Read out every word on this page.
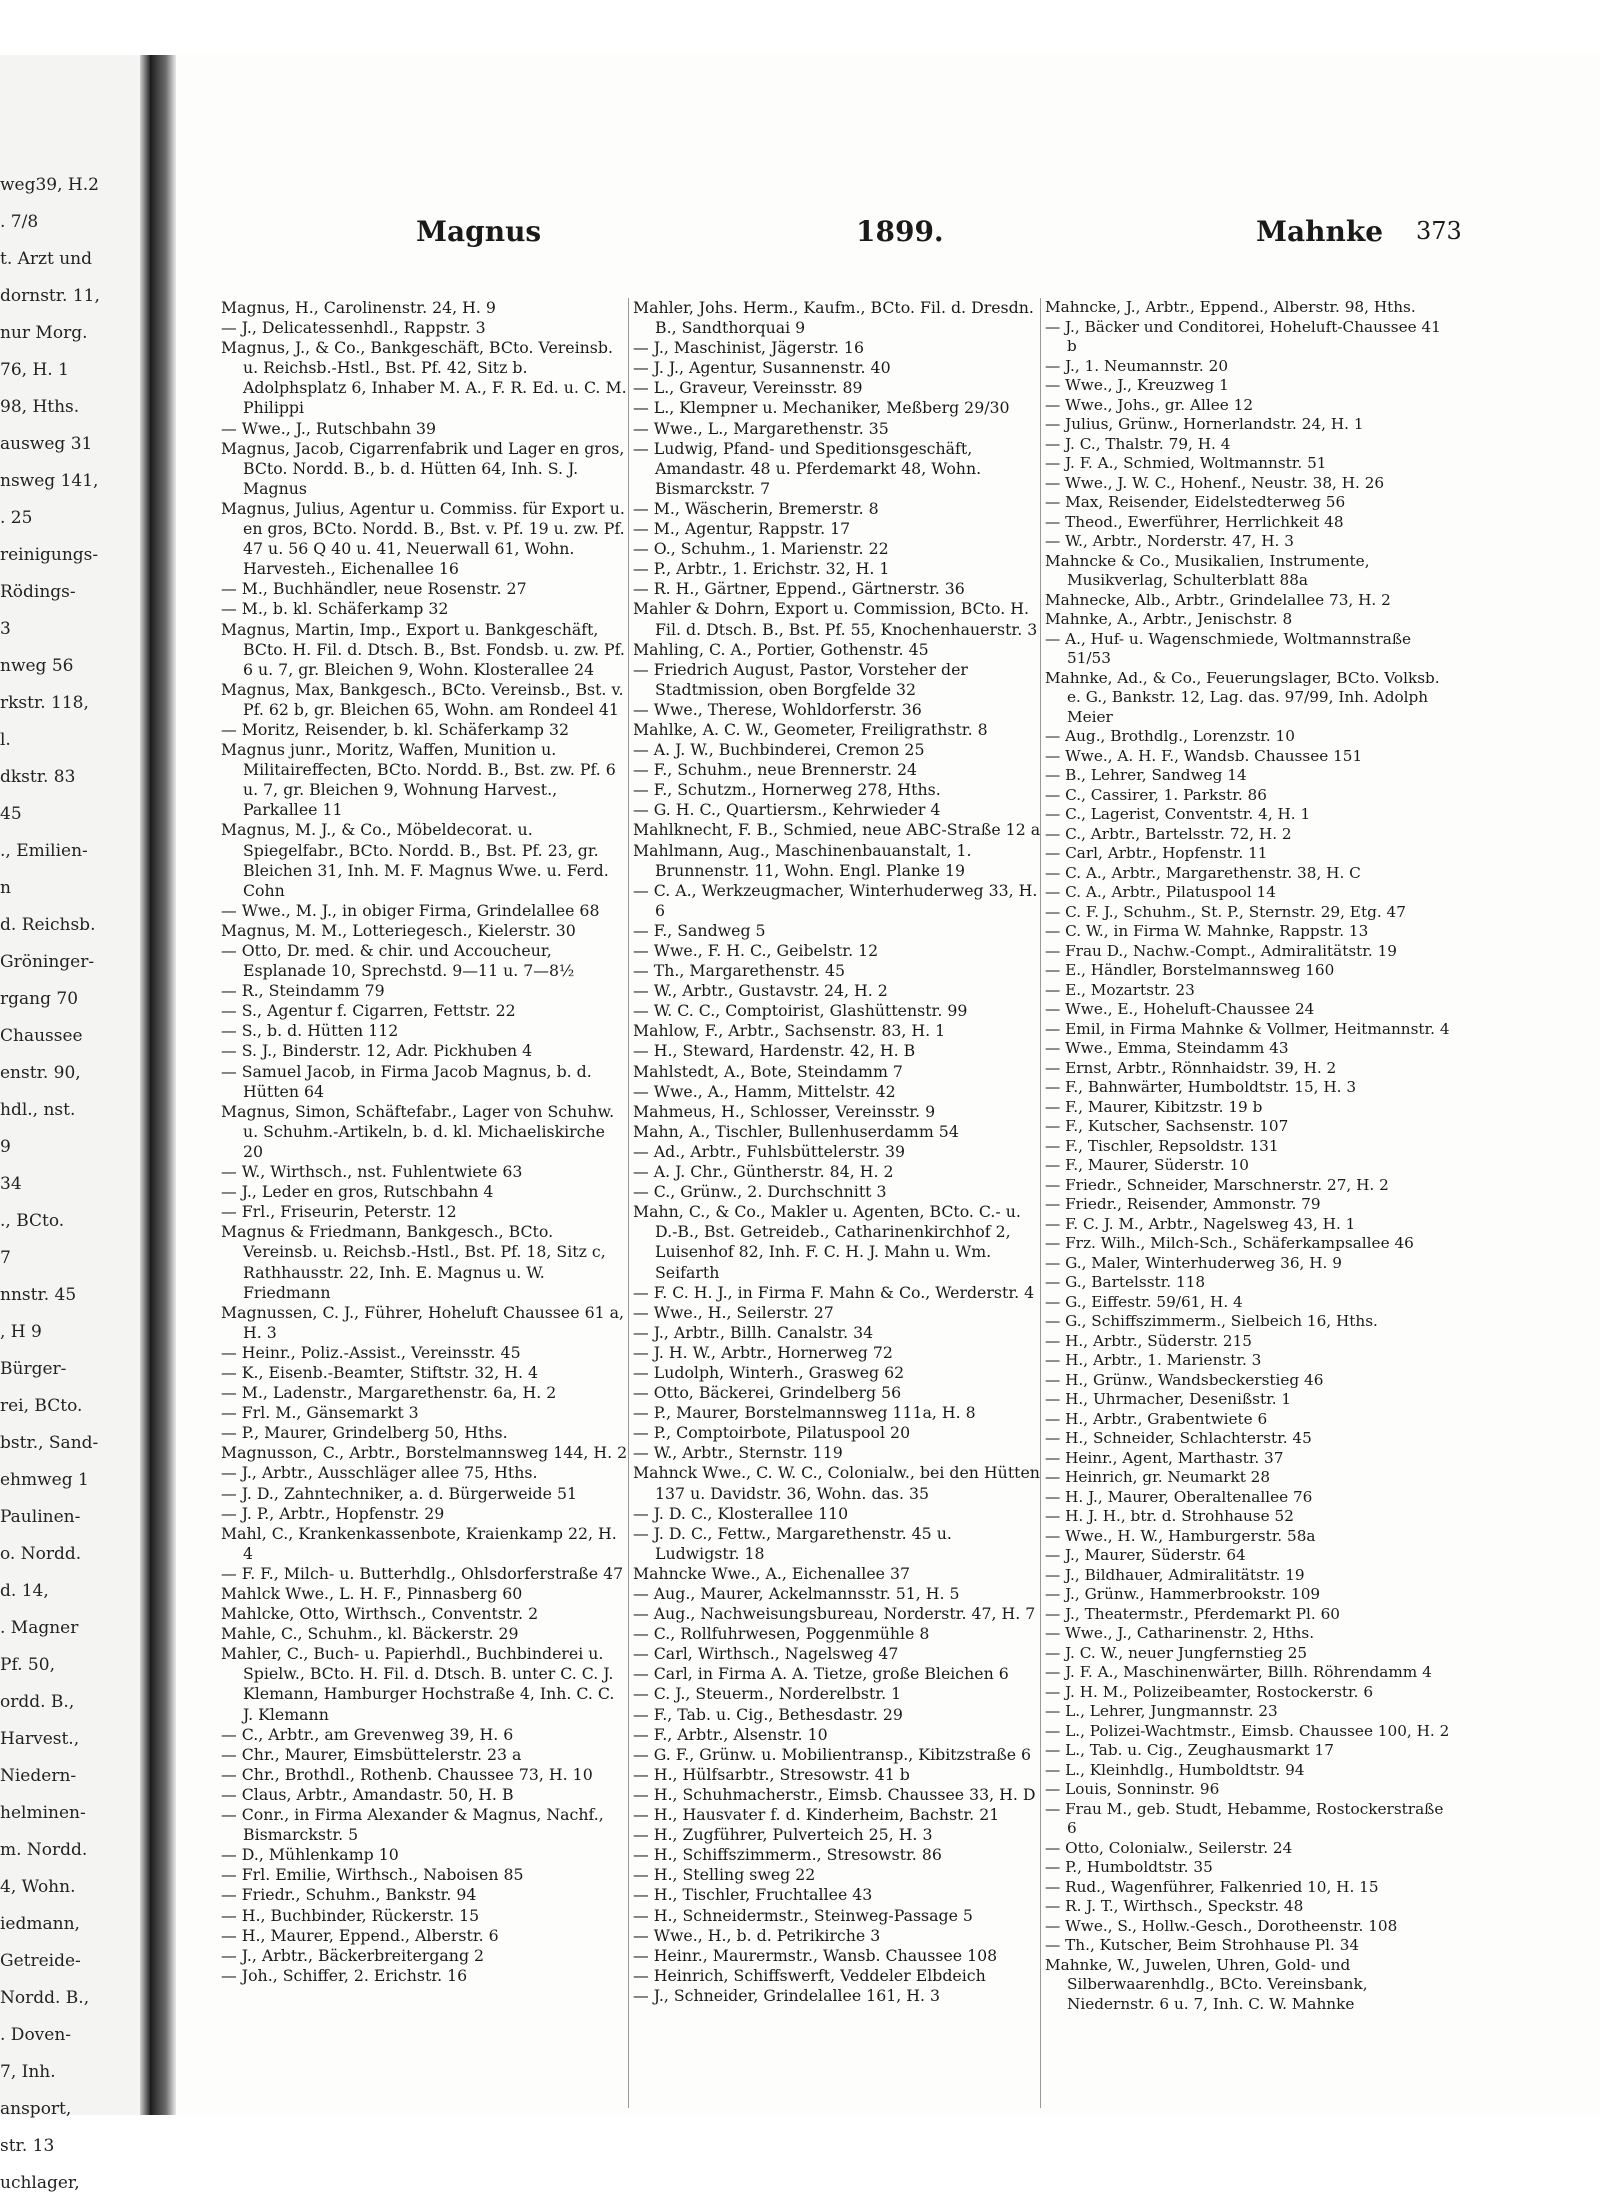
weg39, H.2
. 7/8
t. Arzt und
dornstr. 11,
nur Morg.
76, H. 1
98, Hths.
ausweg 31
nsweg 141,
. 25
reinigungs-
Rödings-
3
nweg 56
rkstr. 118,
l.
dkstr. 83
45
., Emilien-
n
d. Reichsb.
Gröninger-
rgang 70
Chaussee
enstr. 90,
hdl., nst.
9
34
., BCto.
7
nnstr. 45
, H 9
Bürger-
rei, BCto.
bstr., Sand-
ehmweg 1
Paulinen-
o. Nordd.
d. 14,
. Magner
Pf. 50,
ordd. B.,
Harvest.,
Niedern-
helminen-
m. Nordd.
4, Wohn.
iedmann,
Getreide-
Nordd. B.,
. Doven-
7, Inh.
ansport,
str. 13
uchlager,
Magnus	1899.	Mahnke 373

Magnus, H., Carolinenstr. 24, H. 9

— J., Delicatessenhdl., Rappstr. 3

Magnus, J., & Co., Bankgeschäft, BCto. Vereinsb. u. Reichsb.-Hstl., Bst. Pf. 42, Sitz b. Adolphsplatz 6, Inhaber M. A., F. R. Ed. u. C. M. Philippi

— Wwe., J., Rutschbahn 39

Magnus, Jacob, Cigarrenfabrik und Lager en gros, BCto. Nordd. B., b. d. Hütten 64, Inh. S. J. Magnus

Magnus, Julius, Agentur u. Commiss. für Export u. en gros, BCto. Nordd. B., Bst. v. Pf. 19 u. zw. Pf. 47 u. 56 Q 40 u. 41, Neuerwall 61, Wohn. Harvesteh., Eichenallee 16

— M., Buchhändler, neue Rosenstr. 27

— M., b. kl. Schäferkamp 32

Magnus, Martin, Imp., Export u. Bankgeschäft, BCto. H. Fil. d. Dtsch. B., Bst. Fondsb. u. zw. Pf. 6 u. 7, gr. Bleichen 9, Wohn. Klosterallee 24

Magnus, Max, Bankgesch., BCto. Vereinsb., Bst. v. Pf. 62 b, gr. Bleichen 65, Wohn. am Rondeel 41

— Moritz, Reisender, b. kl. Schäferkamp 32

Magnus junr., Moritz, Waffen, Munition u. Militaireffecten, BCto. Nordd. B., Bst. zw. Pf. 6 u. 7, gr. Bleichen 9, Wohnung Harvest., Parkallee 11

Magnus, M. J., & Co., Möbeldecorat. u. Spiegelfabr., BCto. Nordd. B., Bst. Pf. 23, gr. Bleichen 31, Inh. M. F. Magnus Wwe. u. Ferd. Cohn

— Wwe., M. J., in obiger Firma, Grindelallee 68

Magnus, M. M., Lotteriegesch., Kielerstr. 30

— Otto, Dr. med. & chir. und Accoucheur, Esplanade 10, Sprechstd. 9—11 u. 7—8½

— R., Steindamm 79

— S., Agentur f. Cigarren, Fettstr. 22

— S., b. d. Hütten 112

— S. J., Binderstr. 12, Adr. Pickhuben 4

— Samuel Jacob, in Firma Jacob Magnus, b. d. Hütten 64

Magnus, Simon, Schäftefabr., Lager von Schuhw. u. Schuhm.-Artikeln, b. d. kl. Michaeliskirche 20

— W., Wirthsch., nst. Fuhlentwiete 63

— J., Leder en gros, Rutschbahn 4

— Frl., Friseurin, Peterstr. 12

Magnus & Friedmann, Bankgesch., BCto. Vereinsb. u. Reichsb.-Hstl., Bst. Pf. 18, Sitz c, Rathhausstr. 22, Inh. E. Magnus u. W. Friedmann

Magnussen, C. J., Führer, Hoheluft Chaussee 61 a, H. 3

— Heinr., Poliz.-Assist., Vereinsstr. 45

— K., Eisenb.-Beamter, Stiftstr. 32, H. 4

— M., Ladenstr., Margarethenstr. 6a, H. 2

— Frl. M., Gänsemarkt 3

— P., Maurer, Grindelberg 50, Hths.

Magnusson, C., Arbtr., Borstelmannsweg 144, H. 2

— J., Arbtr., Ausschläger allee 75, Hths.

— J. D., Zahntechniker, a. d. Bürgerweide 51

— J. P., Arbtr., Hopfenstr. 29

Mahl, C., Krankenkassenbote, Kraienkamp 22, H. 4

— F. F., Milch- u. Butterhdlg., Ohlsdorferstraße 47

Mahlck Wwe., L. H. F., Pinnasberg 60

Mahlcke, Otto, Wirthsch., Conventstr. 2

Mahle, C., Schuhm., kl. Bäckerstr. 29

Mahler, C., Buch- u. Papierhdl., Buchbinderei u. Spielw., BCto. H. Fil. d. Dtsch. B. unter C. C. J. Klemann, Hamburger Hochstraße 4, Inh. C. C. J. Klemann

— C., Arbtr., am Grevenweg 39, H. 6

— Chr., Maurer, Eimsbüttelerstr. 23 a

— Chr., Brothdl., Rothenb. Chaussee 73, H. 10

— Claus, Arbtr., Amandastr. 50, H. B

— Conr., in Firma Alexander & Magnus, Nachf., Bismarckstr. 5

— D., Mühlenkamp 10

— Frl. Emilie, Wirthsch., Naboisen 85

— Friedr., Schuhm., Bankstr. 94

— H., Buchbinder, Rückerstr. 15

— H., Maurer, Eppend., Alberstr. 6

— J., Arbtr., Bäckerbreitergang 2

— Joh., Schiffer, 2. Erichstr. 16

Mahler, Johs. Herm., Kaufm., BCto. Fil. d. Dresdn. B., Sandthorquai 9

— J., Maschinist, Jägerstr. 16

— J. J., Agentur, Susannenstr. 40

— L., Graveur, Vereinsstr. 89

— L., Klempner u. Mechaniker, Meßberg 29/30

— Wwe., L., Margarethenstr. 35

— Ludwig, Pfand- und Speditionsgeschäft, Amandastr. 48 u. Pferdemarkt 48, Wohn. Bismarckstr. 7

— M., Wäscherin, Bremerstr. 8

— M., Agentur, Rappstr. 17

— O., Schuhm., 1. Marienstr. 22

— P., Arbtr., 1. Erichstr. 32, H. 1

— R. H., Gärtner, Eppend., Gärtnerstr. 36

Mahler & Dohrn, Export u. Commission, BCto. H. Fil. d. Dtsch. B., Bst. Pf. 55, Knochenhauerstr. 3

Mahling, C. A., Portier, Gothenstr. 45

— Friedrich August, Pastor, Vorsteher der Stadtmission, oben Borgfelde 32

— Wwe., Therese, Wohldorferstr. 36

Mahlke, A. C. W., Geometer, Freiligrathstr. 8

— A. J. W., Buchbinderei, Cremon 25

— F., Schuhm., neue Brennerstr. 24

— F., Schutzm., Hornerweg 278, Hths.

— G. H. C., Quartiersm., Kehrwieder 4

Mahlknecht, F. B., Schmied, neue ABC-Straße 12 a

Mahlmann, Aug., Maschinenbauanstalt, 1. Brunnenstr. 11, Wohn. Engl. Planke 19

— C. A., Werkzeugmacher, Winterhuderweg 33, H. 6

— F., Sandweg 5

— Wwe., F. H. C., Geibelstr. 12

— Th., Margarethenstr. 45

— W., Arbtr., Gustavstr. 24, H. 2

— W. C. C., Comptoirist, Glashüttenstr. 99

Mahlow, F., Arbtr., Sachsenstr. 83, H. 1

— H., Steward, Hardenstr. 42, H. B

Mahlstedt, A., Bote, Steindamm 7

— Wwe., A., Hamm, Mittelstr. 42

Mahmeus, H., Schlosser, Vereinsstr. 9

Mahn, A., Tischler, Bullenhuserdamm 54

— Ad., Arbtr., Fuhlsbüttelerstr. 39

— A. J. Chr., Güntherstr. 84, H. 2

— C., Grünw., 2. Durchschnitt 3

Mahn, C., & Co., Makler u. Agenten, BCto. C.- u. D.-B., Bst. Getreideb., Catharinenkirchhof 2, Luisenhof 82, Inh. F. C. H. J. Mahn u. Wm. Seifarth

— F. C. H. J., in Firma F. Mahn & Co., Werderstr. 4

— Wwe., H., Seilerstr. 27

— J., Arbtr., Billh. Canalstr. 34

— J. H. W., Arbtr., Hornerweg 72

— Ludolph, Winterh., Grasweg 62

— Otto, Bäckerei, Grindelberg 56

— P., Maurer, Borstelmannsweg 111a, H. 8

— P., Comptoirbote, Pilatuspool 20

— W., Arbtr., Sternstr. 119

Mahnck Wwe., C. W. C., Colonialw., bei den Hütten 137 u. Davidstr. 36, Wohn. das. 35

— J. D. C., Klosterallee 110

— J. D. C., Fettw., Margarethenstr. 45 u. Ludwigstr. 18

Mahncke Wwe., A., Eichenallee 37

— Aug., Maurer, Ackelmannsstr. 51, H. 5

— Aug., Nachweisungsbureau, Norderstr. 47, H. 7

— C., Rollfuhrwesen, Poggenmühle 8

— Carl, Wirthsch., Nagelsweg 47

— Carl, in Firma A. A. Tietze, große Bleichen 6

— C. J., Steuerm., Norderelbstr. 1

— F., Tab. u. Cig., Bethesdastr. 29

— F., Arbtr., Alsenstr. 10

— G. F., Grünw. u. Mobilientransp., Kibitzstraße 6

— H., Hülfsarbtr., Stresowstr. 41 b

— H., Schuhmacherstr., Eimsb. Chaussee 33, H. D

— H., Hausvater f. d. Kinderheim, Bachstr. 21

— H., Zugführer, Pulverteich 25, H. 3

— H., Schiffszimmerm., Stresowstr. 86

— H., Stelling sweg 22

— H., Tischler, Fruchtallee 43

— H., Schneidermstr., Steinweg-Passage 5

— Wwe., H., b. d. Petrikirche 3

— Heinr., Maurermstr., Wansb. Chaussee 108

— Heinrich, Schiffswerft, Veddeler Elbdeich

— J., Schneider, Grindelallee 161, H. 3

Mahncke, J., Arbtr., Eppend., Alberstr. 98, Hths.

— J., Bäcker und Conditorei, Hoheluft-Chaussee 41 b

— J., 1. Neumannstr. 20

— Wwe., J., Kreuzweg 1

— Wwe., Johs., gr. Allee 12

— Julius, Grünw., Hornerlandstr. 24, H. 1

— J. C., Thalstr. 79, H. 4

— J. F. A., Schmied, Woltmannstr. 51

— Wwe., J. W. C., Hohenf., Neustr. 38, H. 26

— Max, Reisender, Eidelstedterweg 56

— Theod., Ewerführer, Herrlichkeit 48

— W., Arbtr., Norderstr. 47, H. 3

Mahncke & Co., Musikalien, Instrumente, Musikverlag, Schulterblatt 88a

Mahnecke, Alb., Arbtr., Grindelallee 73, H. 2

Mahnke, A., Arbtr., Jenischstr. 8

— A., Huf- u. Wagenschmiede, Woltmannstraße 51/53

Mahnke, Ad., & Co., Feuerungslager, BCto. Volksb. e. G., Bankstr. 12, Lag. das. 97/99, Inh. Adolph Meier

— Aug., Brothdlg., Lorenzstr. 10

— Wwe., A. H. F., Wandsb. Chaussee 151

— B., Lehrer, Sandweg 14

— C., Cassirer, 1. Parkstr. 86

— C., Lagerist, Conventstr. 4, H. 1

— C., Arbtr., Bartelsstr. 72, H. 2

— Carl, Arbtr., Hopfenstr. 11

— C. A., Arbtr., Margarethenstr. 38, H. C

— C. A., Arbtr., Pilatuspool 14

— C. F. J., Schuhm., St. P., Sternstr. 29, Etg. 47

— C. W., in Firma W. Mahnke, Rappstr. 13

— Frau D., Nachw.-Compt., Admiralitätstr. 19

— E., Händler, Borstelmannsweg 160

— E., Mozartstr. 23

— Wwe., E., Hoheluft-Chaussee 24

— Emil, in Firma Mahnke & Vollmer, Heitmannstr. 4

— Wwe., Emma, Steindamm 43

— Ernst, Arbtr., Rönnhaidstr. 39, H. 2

— F., Bahnwärter, Humboldtstr. 15, H. 3

— F., Maurer, Kibitzstr. 19 b

— F., Kutscher, Sachsenstr. 107

— F., Tischler, Repsoldstr. 131

— F., Maurer, Süderstr. 10

— Friedr., Schneider, Marschnerstr. 27, H. 2

— Friedr., Reisender, Ammonstr. 79

— F. C. J. M., Arbtr., Nagelsweg 43, H. 1

— Frz. Wilh., Milch-Sch., Schäferkampsallee 46

— G., Maler, Winterhuderweg 36, H. 9

— G., Bartelsstr. 118

— G., Eiffestr. 59/61, H. 4

— G., Schiffszimmerm., Sielbeich 16, Hths.

— H., Arbtr., Süderstr. 215

— H., Arbtr., 1. Marienstr. 3

— H., Grünw., Wandsbeckerstieg 46

— H., Uhrmacher, Desenißstr. 1

— H., Arbtr., Grabentwiete 6

— H., Schneider, Schlachterstr. 45

— Heinr., Agent, Marthastr. 37

— Heinrich, gr. Neumarkt 28

— H. J., Maurer, Oberaltenallee 76

— H. J. H., btr. d. Strohhause 52

— Wwe., H. W., Hamburgerstr. 58a

— J., Maurer, Süderstr. 64

— J., Bildhauer, Admiralitätstr. 19

— J., Grünw., Hammerbrookstr. 109

— J., Theatermstr., Pferdemarkt Pl. 60

— Wwe., J., Catharinenstr. 2, Hths.

— J. C. W., neuer Jungfernstieg 25

— J. F. A., Maschinenwärter, Billh. Röhrendamm 4

— J. H. M., Polizeibeamter, Rostockerstr. 6

— L., Lehrer, Jungmannstr. 23

— L., Polizei-Wachtmstr., Eimsb. Chaussee 100, H. 2

— L., Tab. u. Cig., Zeughausmarkt 17

— L., Kleinhdlg., Humboldtstr. 94

— Louis, Sonninstr. 96

— Frau M., geb. Studt, Hebamme, Rostockerstraße 6

— Otto, Colonialw., Seilerstr. 24

— P., Humboldtstr. 35

— Rud., Wagenführer, Falkenried 10, H. 15

— R. J. T., Wirthsch., Speckstr. 48

— Wwe., S., Hollw.-Gesch., Dorotheenstr. 108

— Th., Kutscher, Beim Strohhause Pl. 34

Mahnke, W., Juwelen, Uhren, Gold- und Silberwaarenhdlg., BCto. Vereinsbank, Niedernstr. 6 u. 7, Inh. C. W. Mahnke
